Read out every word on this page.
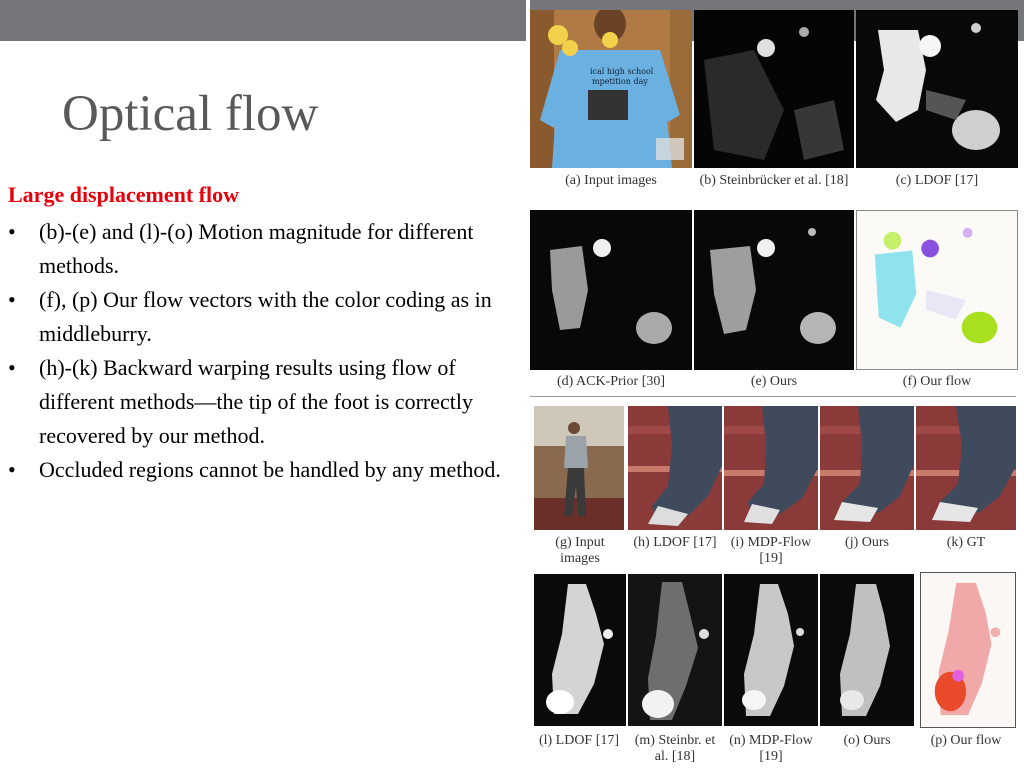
Optical flow
Large displacement flow
• (b)-(e) and (l)-(o) Motion magnitude for different methods.
• (f), (p) Our flow vectors with the color coding as in middleburry.
• (h)-(k) Backward warping results using flow of different methods—the tip of the foot is correctly recovered by our method.
• Occluded regions cannot be handled by any method.
ical high school
mpetition day
(a) Input images	(b) Steinbrücker et al. [18]	(c) LDOF [17]
(d) ACK-Prior [30]	(e) Ours	(f) Our flow
(g) Input images
(h) LDOF [17]	(i) MDP-Flow [19]
(j) Ours	(k) GT
(l) LDOF [17]	(m) Steinbr. et al. [18]
(n) MDP-Flow [19]
(o) Ours	(p) Our flow
